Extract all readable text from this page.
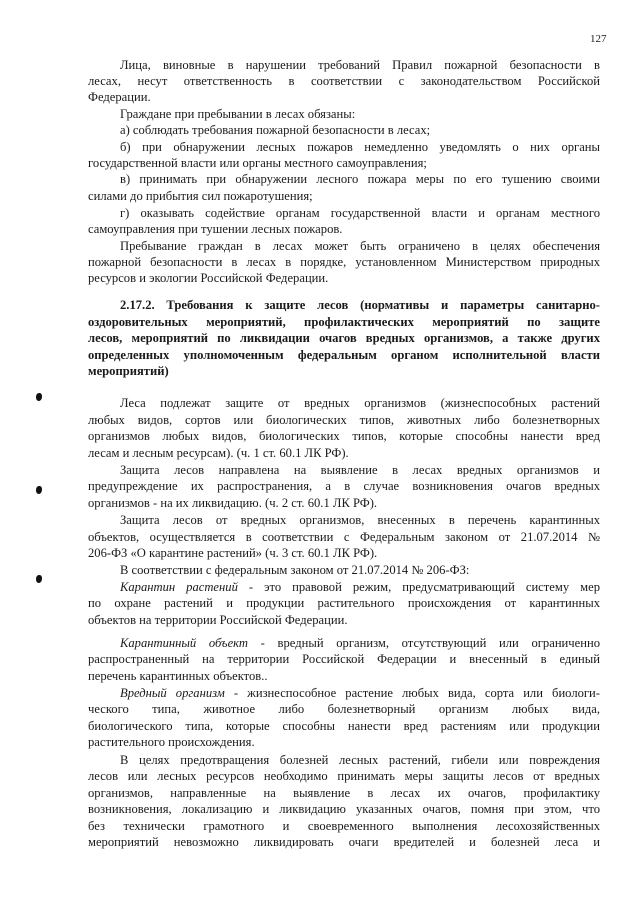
127
Лица, виновные в нарушении требований Правил пожарной безопасности в
лесах, несут ответственность в соответствии с законодательством Российской
Федерации.
Граждане при пребывании в лесах обязаны:
а) соблюдать требования пожарной безопасности в лесах;
б) при обнаружении лесных пожаров немедленно уведомлять о них органы
государственной власти или органы местного самоуправления;
в) принимать при обнаружении лесного пожара меры по его тушению своими
силами до прибытия сил пожаротушения;
г) оказывать содействие органам государственной власти и органам местного
самоуправления при тушении лесных пожаров.
Пребывание граждан в лесах может быть ограничено в целях обеспечения
пожарной безопасности в лесах в порядке, установленном Министерством природных
ресурсов и экологии Российской Федерации.
2.17.2. Требования к защите лесов (нормативы и параметры санитарно-
оздоровительных мероприятий, профилактических мероприятий по защите
лесов, мероприятий по ликвидации очагов вредных организмов, а также других
определенных уполномоченным федеральным органом исполнительной власти
мероприятий)
Леса подлежат защите от вредных организмов (жизнеспособных растений
любых видов, сортов или биологических типов, животных либо болезнетворных
организмов любых видов, биологических типов, которые способны нанести вред
лесам и лесным ресурсам). (ч. 1 ст. 60.1 ЛК РФ).
Защита лесов направлена на выявление в лесах вредных организмов и
предупреждение их распространения, а в случае возникновения очагов вредных
организмов - на их ликвидацию. (ч. 2 ст. 60.1 ЛК РФ).
Защита лесов от вредных организмов, внесенных в перечень карантинных
объектов, осуществляется в соответствии с Федеральным законом от 21.07.2014 №
206-ФЗ «О карантине растений» (ч. 3 ст. 60.1 ЛК РФ).
В соответствии с федеральным законом от 21.07.2014 № 206-ФЗ:
Карантин растений - это правовой режим, предусматривающий систему мер
по охране растений и продукции растительного происхождения от карантинных
объектов на территории Российской Федерации.
Карантинный объект - вредный организм, отсутствующий или ограниченно
распространенный на территории Российской Федерации и внесенный в единый
перечень карантинных объектов..
Вредный организм - жизнеспособное растение любых вида, сорта или биологи-
ческого типа, животное либо болезнетворный организм любых вида,
биологического типа, которые способны нанести вред растениям или продукции
растительного происхождения.
В целях предотвращения болезней лесных растений, гибели или повреждения
лесов или лесных ресурсов необходимо принимать меры защиты лесов от вредных
организмов, направленные на выявление в лесах их очагов, профилактику
возникновения, локализацию и ликвидацию указанных очагов, помня при этом, что
без технически грамотного и своевременного выполнения лесохозяйственных
мероприятий невозможно ликвидировать очаги вредителей и болезней леса и
